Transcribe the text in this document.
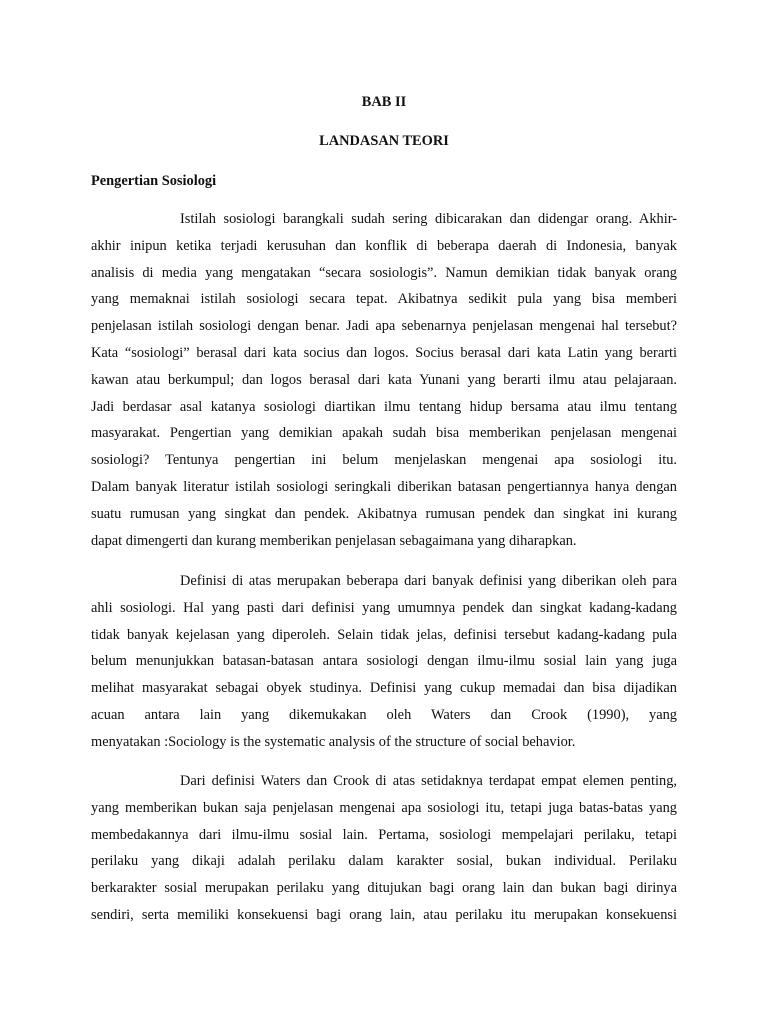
BAB II

LANDASAN TEORI

Pengertian Sosiologi

Istilah sosiologi barangkali sudah sering dibicarakan dan didengar orang. Akhir-
akhir inipun ketika terjadi kerusuhan dan konflik di beberapa daerah di Indonesia, banyak
analisis di media yang mengatakan “secara sosiologis”. Namun demikian tidak banyak orang
yang memaknai istilah sosiologi secara tepat. Akibatnya sedikit pula yang bisa memberi
penjelasan istilah sosiologi dengan benar. Jadi apa sebenarnya penjelasan mengenai hal tersebut?
Kata “sosiologi” berasal dari kata socius dan logos. Socius berasal dari kata Latin yang berarti
kawan atau berkumpul; dan logos berasal dari kata Yunani yang berarti ilmu atau pelajaraan.
Jadi berdasar asal katanya sosiologi diartikan ilmu tentang hidup bersama atau ilmu tentang
masyarakat. Pengertian yang demikian apakah sudah bisa memberikan penjelasan mengenai
sosiologi? Tentunya pengertian ini belum menjelaskan mengenai apa sosiologi itu.
Dalam banyak literatur istilah sosiologi seringkali diberikan batasan pengertiannya hanya dengan
suatu rumusan yang singkat dan pendek. Akibatnya rumusan pendek dan singkat ini kurang
dapat dimengerti dan kurang memberikan penjelasan sebagaimana yang diharapkan.
Definisi di atas merupakan beberapa dari banyak definisi yang diberikan oleh para
ahli sosiologi. Hal yang pasti dari definisi yang umumnya pendek dan singkat kadang-kadang
tidak banyak kejelasan yang diperoleh. Selain tidak jelas, definisi tersebut kadang-kadang pula
belum menunjukkan batasan-batasan antara sosiologi dengan ilmu-ilmu sosial lain yang juga
melihat masyarakat sebagai obyek studinya. Definisi yang cukup memadai dan bisa dijadikan
acuan antara lain yang dikemukakan oleh Waters dan Crook (1990), yang
menyatakan :Sociology is the systematic analysis of the structure of social behavior.
Dari definisi Waters dan Crook di atas setidaknya terdapat empat elemen penting,
yang memberikan bukan saja penjelasan mengenai apa sosiologi itu, tetapi juga batas-batas yang
membedakannya dari ilmu-ilmu sosial lain. Pertama, sosiologi mempelajari perilaku, tetapi
perilaku yang dikaji adalah perilaku dalam karakter sosial, bukan individual. Perilaku
berkarakter sosial merupakan perilaku yang ditujukan bagi orang lain dan bukan bagi dirinya
sendiri, serta memiliki konsekuensi bagi orang lain, atau perilaku itu merupakan konsekuensi
